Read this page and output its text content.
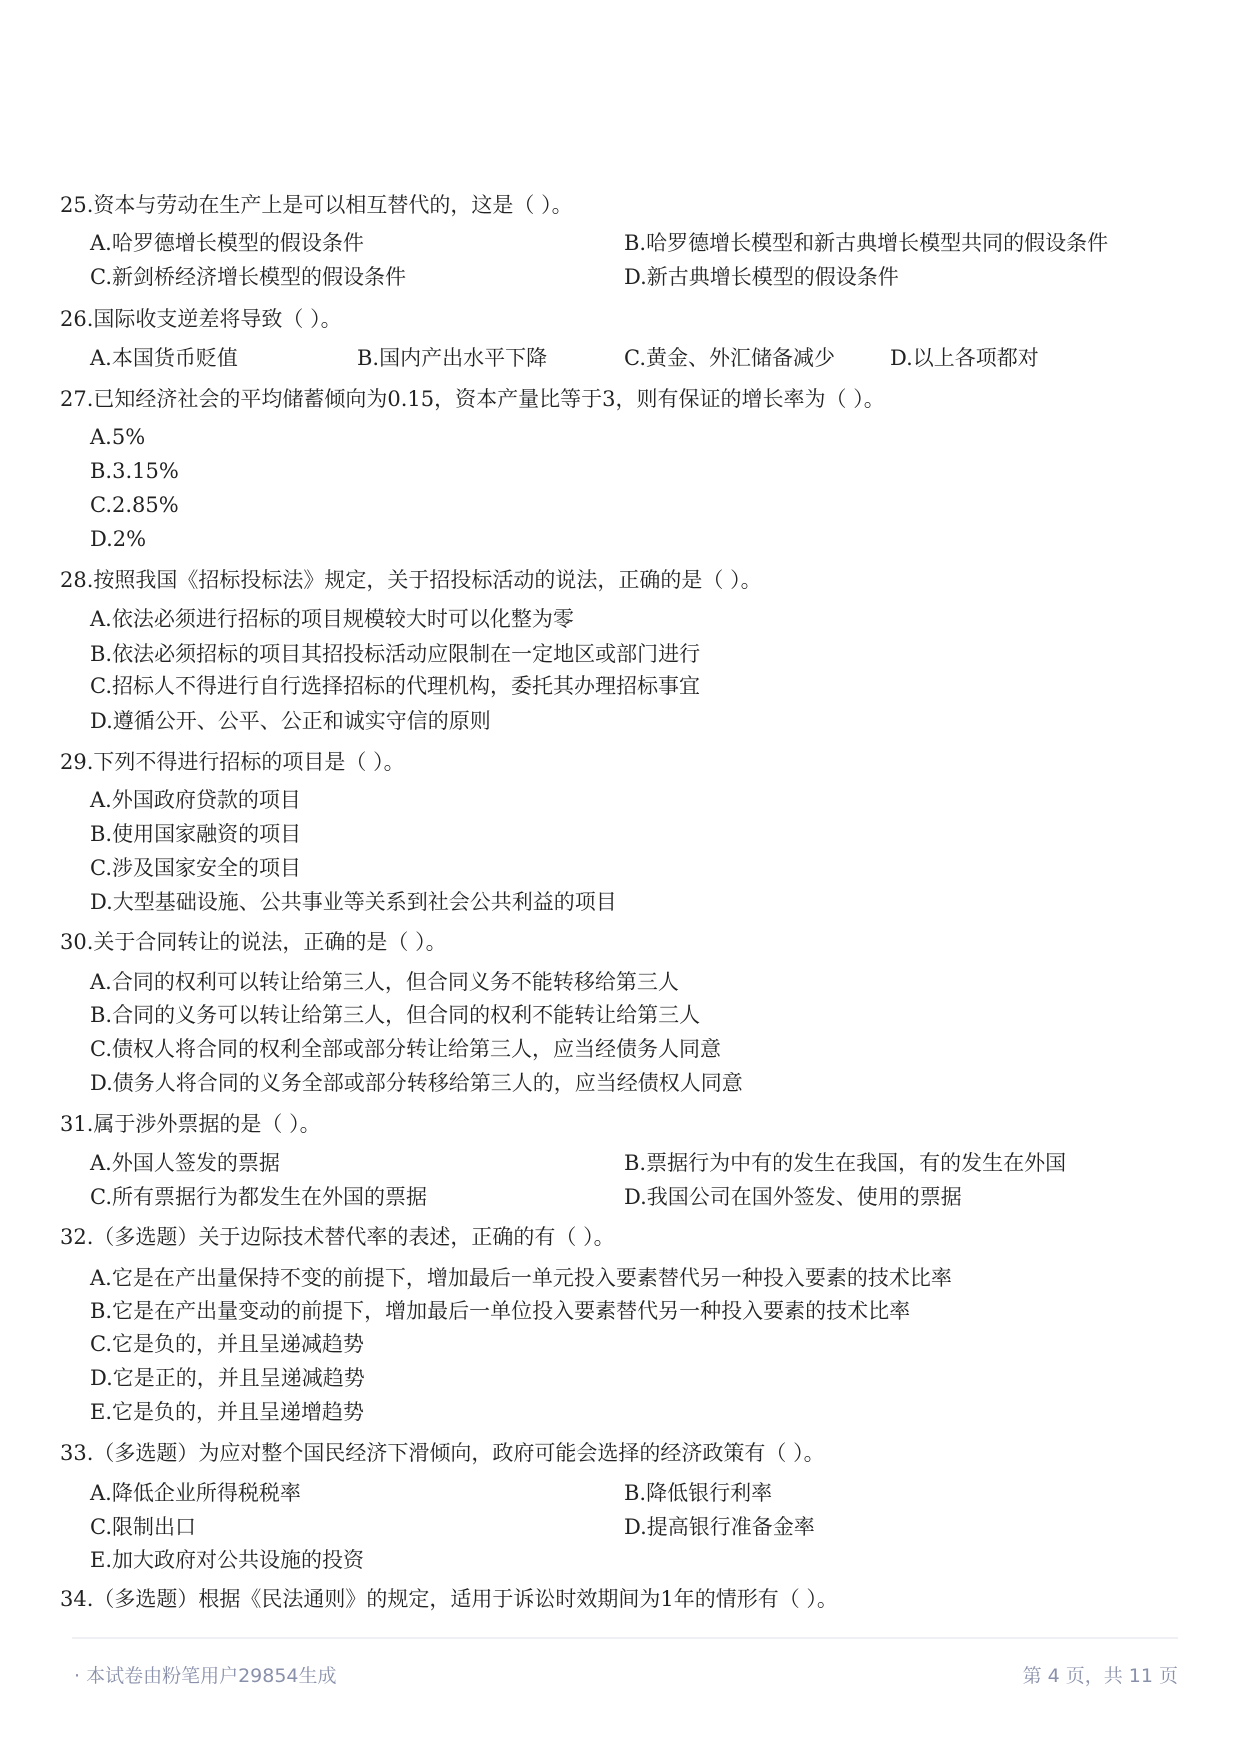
25.资本与劳动在生产上是可以相互替代的，这是（ ）。
A.哈罗德增长模型的假设条件	B.哈罗德增长模型和新古典增长模型共同的假设条件
C.新剑桥经济增长模型的假设条件	D.新古典增长模型的假设条件
26.国际收支逆差将导致（ ）。
A.本国货币贬值	B.国内产出水平下降	C.黄金、外汇储备减少	D.以上各项都对
27.已知经济社会的平均储蓄倾向为0.15，资本产量比等于3，则有保证的增长率为（ ）。
A.5%
B.3.15%
C.2.85%
D.2%
28.按照我国《招标投标法》规定，关于招投标活动的说法，正确的是（ ）。
A.依法必须进行招标的项目规模较大时可以化整为零
B.依法必须招标的项目其招投标活动应限制在一定地区或部门进行
C.招标人不得进行自行选择招标的代理机构，委托其办理招标事宜
D.遵循公开、公平、公正和诚实守信的原则
29.下列不得进行招标的项目是（ ）。
A.外国政府贷款的项目
B.使用国家融资的项目
C.涉及国家安全的项目
D.大型基础设施、公共事业等关系到社会公共利益的项目
30.关于合同转让的说法，正确的是（ ）。
A.合同的权利可以转让给第三人，但合同义务不能转移给第三人
B.合同的义务可以转让给第三人，但合同的权利不能转让给第三人
C.债权人将合同的权利全部或部分转让给第三人，应当经债务人同意
D.债务人将合同的义务全部或部分转移给第三人的，应当经债权人同意
31.属于涉外票据的是（ ）。
A.外国人签发的票据	B.票据行为中有的发生在我国，有的发生在外国
C.所有票据行为都发生在外国的票据	D.我国公司在国外签发、使用的票据
32.（多选题）关于边际技术替代率的表述，正确的有（ ）。
A.它是在产出量保持不变的前提下，增加最后一单元投入要素替代另一种投入要素的技术比率
B.它是在产出量变动的前提下，增加最后一单位投入要素替代另一种投入要素的技术比率
C.它是负的，并且呈递减趋势
D.它是正的，并且呈递减趋势
E.它是负的，并且呈递增趋势
33.（多选题）为应对整个国民经济下滑倾向，政府可能会选择的经济政策有（ ）。
A.降低企业所得税税率	B.降低银行利率
C.限制出口	D.提高银行准备金率
E.加大政府对公共设施的投资
34.（多选题）根据《民法通则》的规定，适用于诉讼时效期间为1年的情形有（ ）。
· 本试卷由粉笔用户29854生成	第 4 页，共 11 页
